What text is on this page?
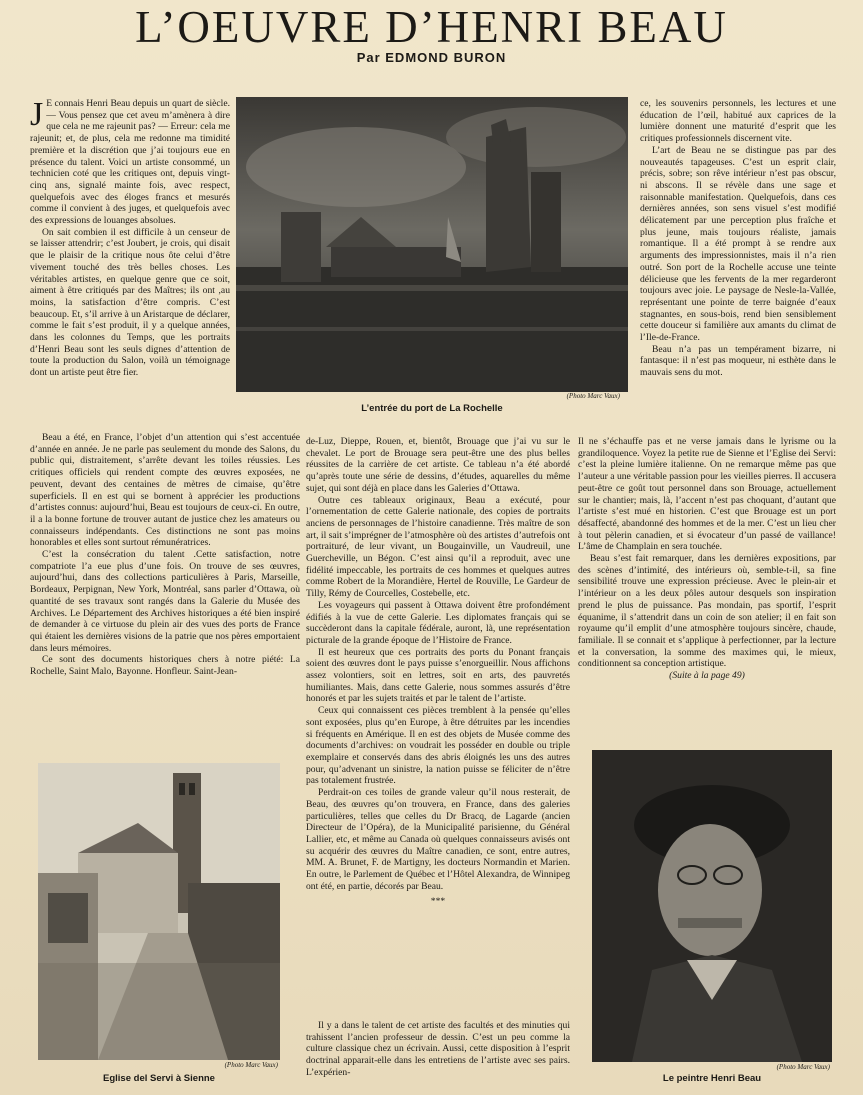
L’OEUVRE D’HENRI BEAU
Par EDMOND BURON

J E connais Henri Beau depuis un quart de siècle. — Vous pensez que cet aveu m’amènera à dire que cela ne me rajeunit pas? — Erreur: cela me rajeunit; et, de plus, cela me redonne ma timidité première et la discrétion que j’ai toujours eue en présence du talent. Voici un artiste consommé, un technicien coté que les critiques ont, depuis vingt-cinq ans, signalé mainte fois, avec respect, quelquefois avec des éloges francs et mesurés comme il convient à des juges, et quelquefois avec des expressions de louanges absolues.

On sait combien il est difficile à un censeur de se laisser attendrir; c’est Joubert, je crois, qui disait que le plaisir de la critique nous ôte celui d’être vivement touché des très belles choses. Les véritables artistes, en quelque genre que ce soit, aiment à être critiqués par des Maîtres; ils ont ,au moins, la satisfaction d’être compris. C’est beaucoup. Et, s’il arrive à un Aristarque de déclarer, comme le fait s’est produit, il y a quelque années, dans les colonnes du Temps, que les portraits d’Henri Beau sont les seuls dignes d’attention de toute la production du Salon, voilà un témoignage dont un artiste peut être fier.

Beau a été, en France, l’objet d’un attention qui s’est accentuée d’année en année. Je ne parle pas seulement du monde des Salons, du public qui, distraitement, s’arrête devant les toiles réussies. Les critiques officiels qui rendent compte des œuvres exposées, ne peuvent, devant des centaines de mètres de cimaise, qu’être superficiels. Il en est qui se bornent à apprécier les productions d’artistes connus: aujourd’hui, Beau est toujours de ceux-ci. En outre, il a la bonne fortune de trouver autant de justice chez les amateurs ou connaisseurs indépendants. Ces distinctions ne sont pas moins honorables et elles sont surtout rémunératrices.

C’est la consécration du talent .Cette satisfaction, notre compatriote l’a eue plus d’une fois. On trouve de ses œuvres, aujourd’hui, dans des collections particulières à Paris, Marseille, Bordeaux, Perpignan, New York, Montréal, sans parler d’Ottawa, où quantité de ses travaux sont rangés dans la Galerie du Musée des Archives. Le Département des Archives historiques a été bien inspiré de demander à ce virtuose du plein air des vues des ports de France qui étaient les dernières visions de la patrie que nos pères emportaient dans leurs mémoires.

Ce sont des documents historiques chers à notre piété: La Rochelle, Saint Malo, Bayonne. Honfleur. Saint-Jean-

(Photo Marc Vaux)
L’entrée du port de La Rochelle

de-Luz, Dieppe, Rouen, et, bientôt, Brouage que j’ai vu sur le chevalet. Le port de Brouage sera peut-être une des plus belles réussites de la carrière de cet artiste. Ce tableau n’a été abordé qu’après toute une série de dessins, d’études, aquarelles du même sujet, qui sont déjà en place dans les Galeries d’Ottawa.

Outre ces tableaux originaux, Beau a exécuté, pour l’ornementation de cette Galerie nationale, des copies de portraits anciens de personnages de l’histoire canadienne. Très maître de son art, il sait s’imprégner de l’atmosphère où des artistes d’autrefois ont portraituré, de leur vivant, un Bougainville, un Vaudreuil, une Guercheville, un Bégon. C’est ainsi qu’il a reproduit, avec une fidélité impeccable, les portraits de ces hommes et quelques autres comme Robert de la Morandière, Hertel de Rouville, Le Gardeur de Tilly, Rémy de Courcelles, Costebelle, etc.

Les voyageurs qui passent à Ottawa doivent être profondément édifiés à la vue de cette Galerie. Les diplomates français qui se succèderont dans la capitale fédérale, auront, là, une représentation picturale de la grande époque de l’Histoire de France.

Il est heureux que ces portraits des ports du Ponant français soient des œuvres dont le pays puisse s’enorgueillir. Nous affichons assez volontiers, soit en lettres, soit en arts, des pauvretés humiliantes. Mais, dans cette Galerie, nous sommes assurés d’être honorés et par les sujets traités et par le talent de l’artiste.

Ceux qui connaissent ces pièces tremblent à la pensée qu’elles sont exposées, plus qu’en Europe, à être détruites par les incendies si fréquents en Amérique. Il en est des objets de Musée comme des documents d’archives: on voudrait les posséder en double ou triple exemplaire et conservés dans des abris éloignés les uns des autres pour, qu’advenant un sinistre, la nation puisse se féliciter de n’être pas totalement frustrée.

Perdrait-on ces toiles de grande valeur qu’il nous resterait, de Beau, des œuvres qu’on trouvera, en France, dans des galeries particulières, telles que celles du Dr Bracq, de Lagarde (ancien Directeur de l’Opéra), de la Municipalité parisienne, du Général Lallier, etc, et même au Canada où quelques connaisseurs avisés ont su acquérir des œuvres du Maître canadien, ce sont, entre autres, MM. A. Brunet, F. de Martigny, les docteurs Normandin et Marien. En outre, le Parlement de Québec et l’Hôtel Alexandra, de Winnipeg ont été, en partie, décorés par Beau.

***

Il y a dans le talent de cet artiste des facultés et des minuties qui trahissent l’ancien professeur de dessin. C’est un peu comme la culture classique chez un écrivain. Aussi, cette disposition à l’esprit doctrinal apparait-elle dans les entretiens de l’artiste avec ses pairs. L’expérien-

ce, les souvenirs personnels, les lectures et une éducation de l’œil, habitué aux caprices de la lumière donnent une maturité d’esprit que les critiques professionnels discernent vite.

L’art de Beau ne se distingue pas par des nouveautés tapageuses. C’est un esprit clair, précis, sobre; son rêve intérieur n’est pas obscur, ni abscons. Il se révèle dans une sage et raisonnable manifestation. Quelquefois, dans ces dernières années, son sens visuel s’est modifié délicatement par une perception plus fraîche et plus jeune, mais toujours réaliste, jamais romantique. Il a été prompt à se rendre aux arguments des impressionnistes, mais il n’a rien outré. Son port de la Rochelle accuse une teinte délicieuse que les fervents de la mer regarderont toujours avec joie. Le paysage de Nesle-la-Vallée, représentant une pointe de terre baignée d’eaux stagnantes, en sous-bois, rend bien sensiblement cette douceur si familière aux amants du climat de l’Ile-de-France.

Beau n’a pas un tempérament bizarre, ni fantasque: il n’est pas moqueur, ni esthète dans le mauvais sens du mot.

Il ne s’échauffe pas et ne verse jamais dans le lyrisme ou la grandiloquence. Voyez la petite rue de Sienne et l’Eglise dei Servi: c’est la pleine lumière italienne. On ne remarque même pas que l’auteur a une véritable passion pour les vieilles pierres. Il accusera peut-être ce goût tout personnel dans son Brouage, actuellement sur le chantier; mais, là, l’accent n’est pas choquant, d’autant que l’artiste s’est mué en historien. C’est que Brouage est un port désaffecté, abandonné des hommes et de la mer. C’est un lieu cher à tout pèlerin canadien, et si évocateur d’un passé de vaillance! L’âme de Champlain en sera touchée.

Beau s’est fait remarquer, dans les dernières expositions, par des scènes d’intimité, des intérieurs où, semble-t-il, sa fine sensibilité trouve une expression précieuse. Avec le plein-air et l’intérieur on a les deux pôles autour desquels son inspiration prend le plus de puissance. Pas mondain, pas sportif, l’esprit équanime, il s’attendrit dans un coin de son atelier; il en fait son royaume qu’il emplit d’une atmosphère toujours sincère, chaude, familiale. Il se connait et s’applique à perfectionner, par la lecture et la conversation, la somme des maximes qui, le mieux, conditionnent sa conception artistique.

(Suite à la page 49)

(Photo Marc Vaux)
Eglise del Servi à Sienne
(Photo Marc Vaux)
Le peintre Henri Beau
